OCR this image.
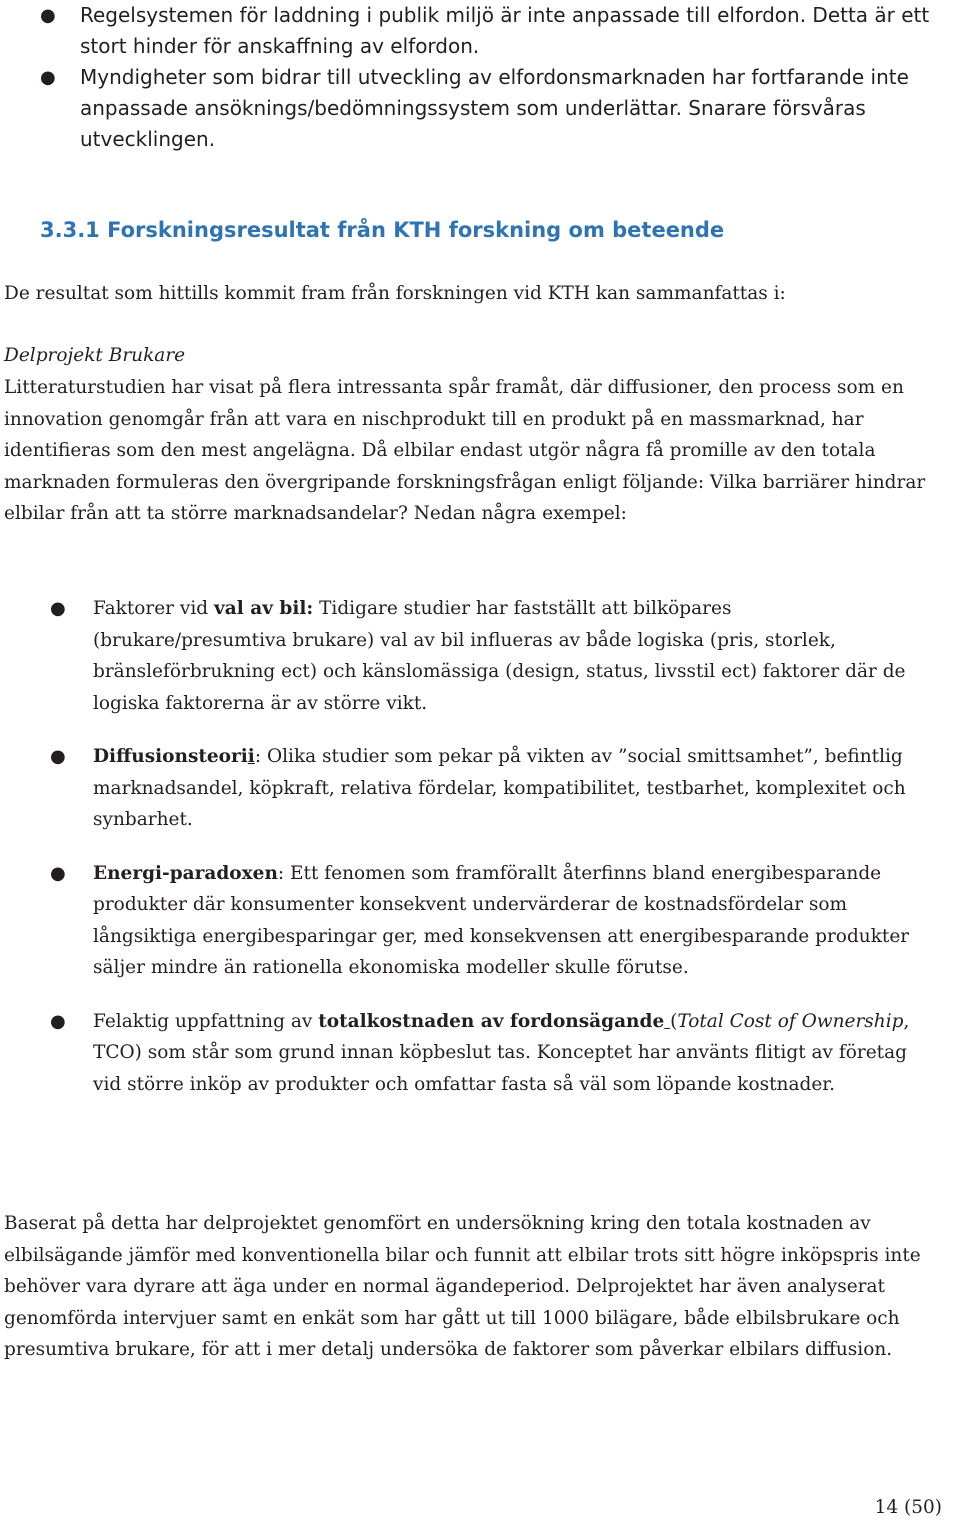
● Regelsystemen för laddning i publik miljö är inte anpassade till elfordon. Detta är ett stort hinder för anskaffning av elfordon.
● Myndigheter som bidrar till utveckling av elfordonsmarknaden har fortfarande inte anpassade ansöknings/bedömningssystem som underlättar. Snarare försvåras utvecklingen.
3.3.1 Forskningsresultat från KTH forskning om beteende

De resultat som hittills kommit fram från forskningen vid KTH kan sammanfattas i:

Delprojekt Brukare

Litteraturstudien har visat på flera intressanta spår framåt, där diffusioner, den process som en innovation genomgår från att vara en nischprodukt till en produkt på en massmarknad, har identifieras som den mest angelägna. Då elbilar endast utgör några få promille av den totala marknaden formuleras den övergripande forskningsfrågan enligt följande: Vilka barriärer hindrar elbilar från att ta större marknadsandelar? Nedan några exempel:

● Faktorer vid val av bil: Tidigare studier har fastställt att bilköpares (brukare/presumtiva brukare) val av bil influeras av både logiska (pris, storlek, bränsleförbrukning ect) och känslomässiga (design, status, livsstil ect) faktorer där de logiska faktorerna är av större vikt.
● Diffusionsteorii: Olika studier som pekar på vikten av ”social smittsamhet”, befintlig marknadsandel, köpkraft, relativa fördelar, kompatibilitet, testbarhet, komplexitet och synbarhet.
● Energi-paradoxen: Ett fenomen som framförallt återfinns bland energibesparande produkter där konsumenter konsekvent undervärderar de kostnadsfördelar som långsiktiga energibesparingar ger, med konsekvensen att energibesparande produkter säljer mindre än rationella ekonomiska modeller skulle förutse.
● Felaktig uppfattning av totalkostnaden av fordonsägande (Total Cost of Ownership, TCO) som står som grund innan köpbeslut tas. Konceptet har använts flitigt av företag vid större inköp av produkter och omfattar fasta så väl som löpande kostnader.

Baserat på detta har delprojektet genomfört en undersökning kring den totala kostnaden av elbilsägande jämför med konventionella bilar och funnit att elbilar trots sitt högre inköpspris inte behöver vara dyrare att äga under en normal ägandeperiod. Delprojektet har även analyserat genomförda intervjuer samt en enkät som har gått ut till 1000 bilägare, både elbilsbrukare och presumtiva brukare, för att i mer detalj undersöka de faktorer som påverkar elbilars diffusion.

14 (50)
